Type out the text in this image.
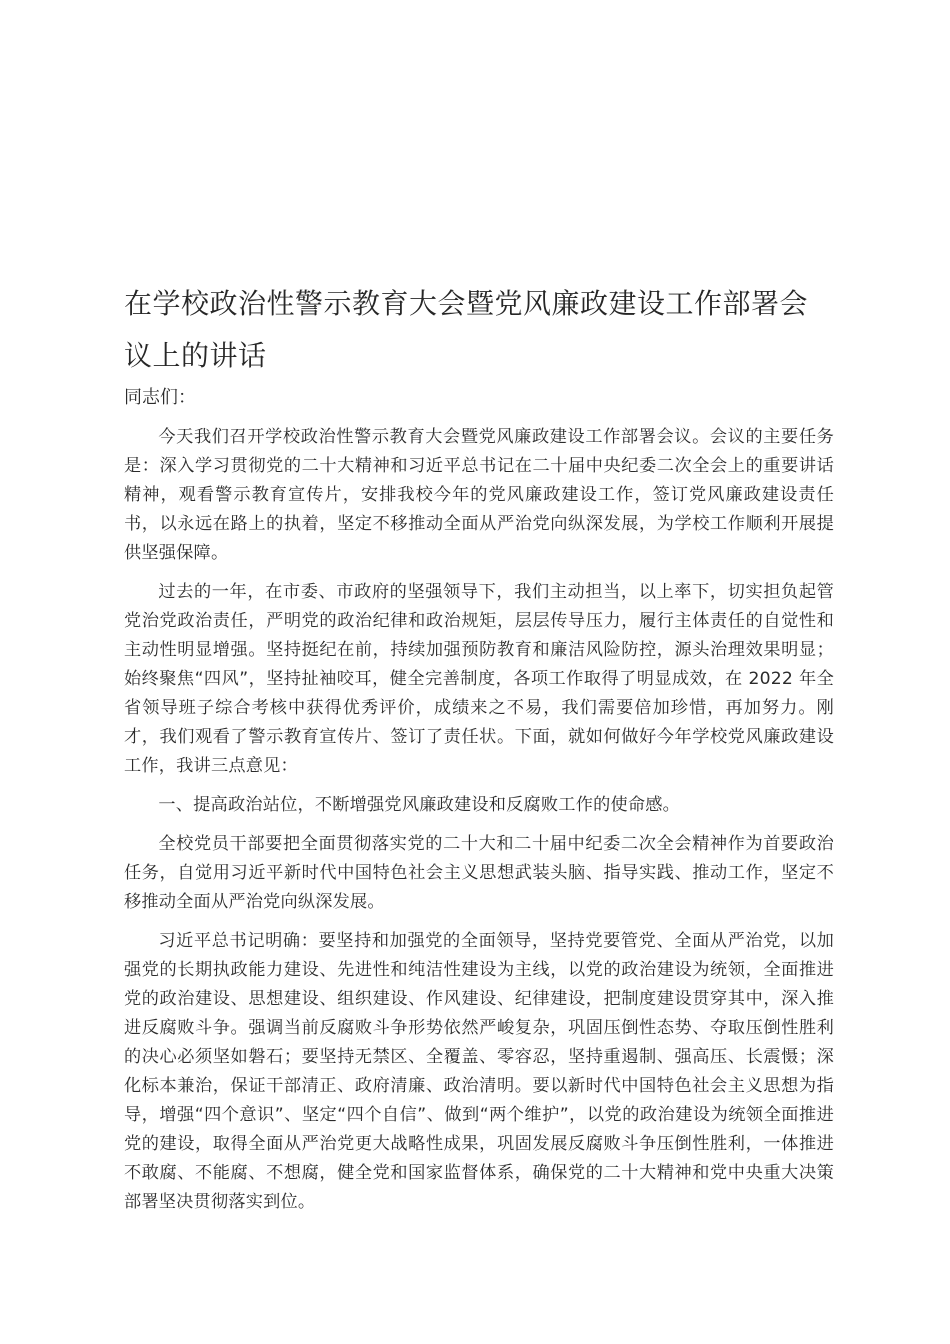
在学校政治性警示教育大会暨党风廉政建设工作部署会议上的讲话

同志们：

今天我们召开学校政治性警示教育大会暨党风廉政建设工作部署会议。会议的主要任务是：深入学习贯彻党的二十大精神和习近平总书记在二十届中央纪委二次全会上的重要讲话精神，观看警示教育宣传片，安排我校今年的党风廉政建设工作，签订党风廉政建设责任书，以永远在路上的执着，坚定不移推动全面从严治党向纵深发展，为学校工作顺利开展提供坚强保障。

过去的一年，在市委、市政府的坚强领导下，我们主动担当，以上率下，切实担负起管党治党政治责任，严明党的政治纪律和政治规矩，层层传导压力，履行主体责任的自觉性和主动性明显增强。坚持挺纪在前，持续加强预防教育和廉洁风险防控，源头治理效果明显；始终聚焦“四风”，坚持扯袖咬耳，健全完善制度，各项工作取得了明显成效，在 2022 年全省领导班子综合考核中获得优秀评价，成绩来之不易，我们需要倍加珍惜，再加努力。刚才，我们观看了警示教育宣传片、签订了责任状。下面，就如何做好今年学校党风廉政建设工作，我讲三点意见：

一、提高政治站位，不断增强党风廉政建设和反腐败工作的使命感。

全校党员干部要把全面贯彻落实党的二十大和二十届中纪委二次全会精神作为首要政治任务，自觉用习近平新时代中国特色社会主义思想武装头脑、指导实践、推动工作，坚定不移推动全面从严治党向纵深发展。

习近平总书记明确：要坚持和加强党的全面领导，坚持党要管党、全面从严治党，以加强党的长期执政能力建设、先进性和纯洁性建设为主线，以党的政治建设为统领，全面推进党的政治建设、思想建设、组织建设、作风建设、纪律建设，把制度建设贯穿其中，深入推进反腐败斗争。强调当前反腐败斗争形势依然严峻复杂，巩固压倒性态势、夺取压倒性胜利的决心必须坚如磐石；要坚持无禁区、全覆盖、零容忍，坚持重遏制、强高压、长震慑；深化标本兼治，保证干部清正、政府清廉、政治清明。要以新时代中国特色社会主义思想为指导，增强“四个意识”、坚定“四个自信”、做到“两个维护”，以党的政治建设为统领全面推进党的建设，取得全面从严治党更大战略性成果，巩固发展反腐败斗争压倒性胜利，一体推进不敢腐、不能腐、不想腐，健全党和国家监督体系，确保党的二十大精神和党中央重大决策部署坚决贯彻落实到位。
